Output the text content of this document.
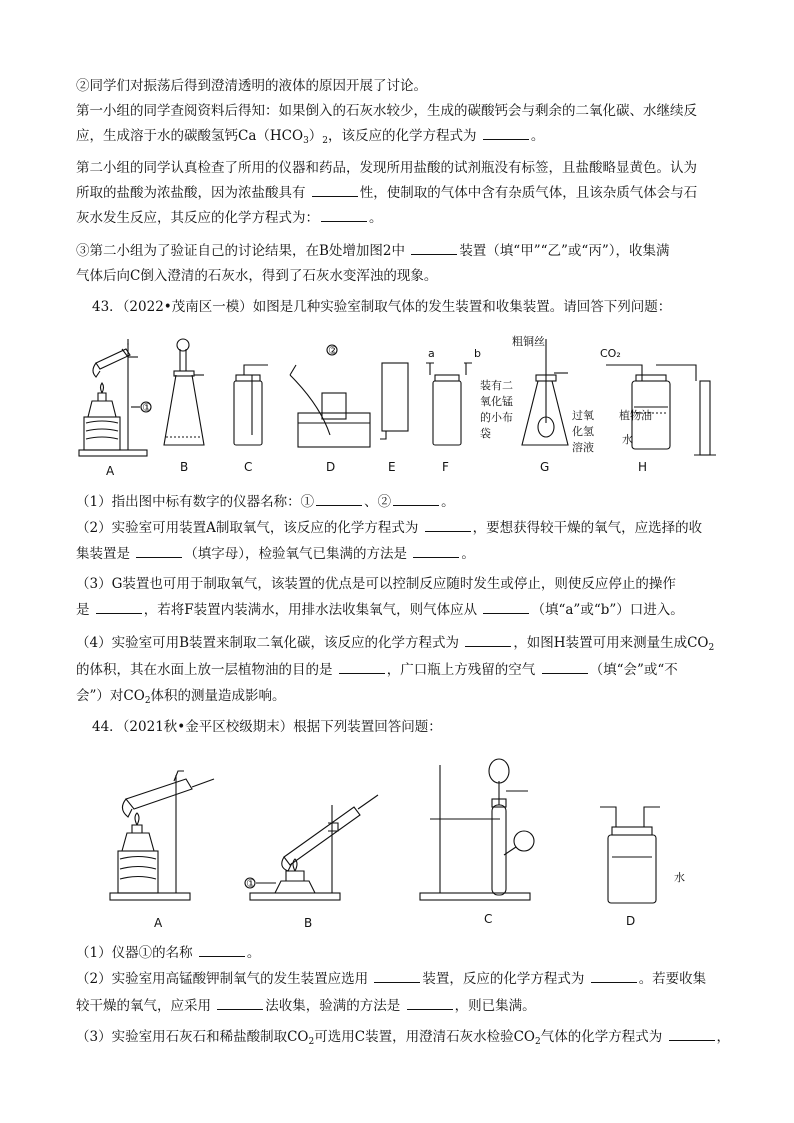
②同学们对振荡后得到澄清透明的液体的原因开展了讨论。
第一小组的同学查阅资料后得知：如果倒入的石灰水较少，生成的碳酸钙会与剩余的二氧化碳、水继续反
应，生成溶于水的碳酸氢钙$Ca(HCO_3)_2$，该反应的化学方程式为	。
第二小组的同学认真检查了所用的仪器和药品，发现所用盐酸的试剂瓶没有标签，且盐酸略显黄色。认为
所取的盐酸为浓盐酸，因为浓盐酸具有	性，使制取的气体中含有杂质气体，且该杂质气体会与石
灰水发生反应，其反应的化学方程式为：	。
③第二小组为了验证自己的讨论结果，在B处增加图2中	装置（填“甲”“乙”或“丙”），收集满
气体后向C倒入澄清的石灰水，得到了石灰水变浑浊的现象。
43．（2022•茂南区一模）如图是几种实验室制取气体的发生装置和收集装置。请回答下列问题：
A
①
B	C
②
D	E
a	b
F
粗铜丝
装有二
氧化锰
的小布
袋
过氧
化氢
溶液
G
CO₂
植物油
水
H
（1）指出图中标有数字的仪器名称：①	、②	。
（2）实验室可用装置A制取氧气，该反应的化学方程式为	，要想获得较干燥的氧气，应选择的收
集装置是	（填字母），检验氧气已集满的方法是	。
（3）G装置也可用于制取氧气，该装置的优点是可以控制反应随时发生或停止，则使反应停止的操作
是	，若将F装置内装满水，用排水法收集氧气，则气体应从	（填“a”或“b”）口进入。
（4）实验室可用B装置来制取二氧化碳，该反应的化学方程式为	，如图H装置可用来测量生成$CO_2$
的体积，其在水面上放一层植物油的目的是	，广口瓶上方残留的空气	（填“会”或“不
会”）对$CO_2$体积的测量造成影响。
44．（2021秋•金平区校级期末）根据下列装置回答问题：
A
①
B	C
水
D
（1）仪器①的名称	。
（2）实验室用高锰酸钾制氧气的发生装置应选用	装置，反应的化学方程式为	。若要收集
较干燥的氧气，应采用	法收集，验满的方法是	，则已集满。
（3）实验室用石灰石和稀盐酸制取$CO_2$可选用C装置，用澄清石灰水检验$CO_2$气体的化学方程式为	，
